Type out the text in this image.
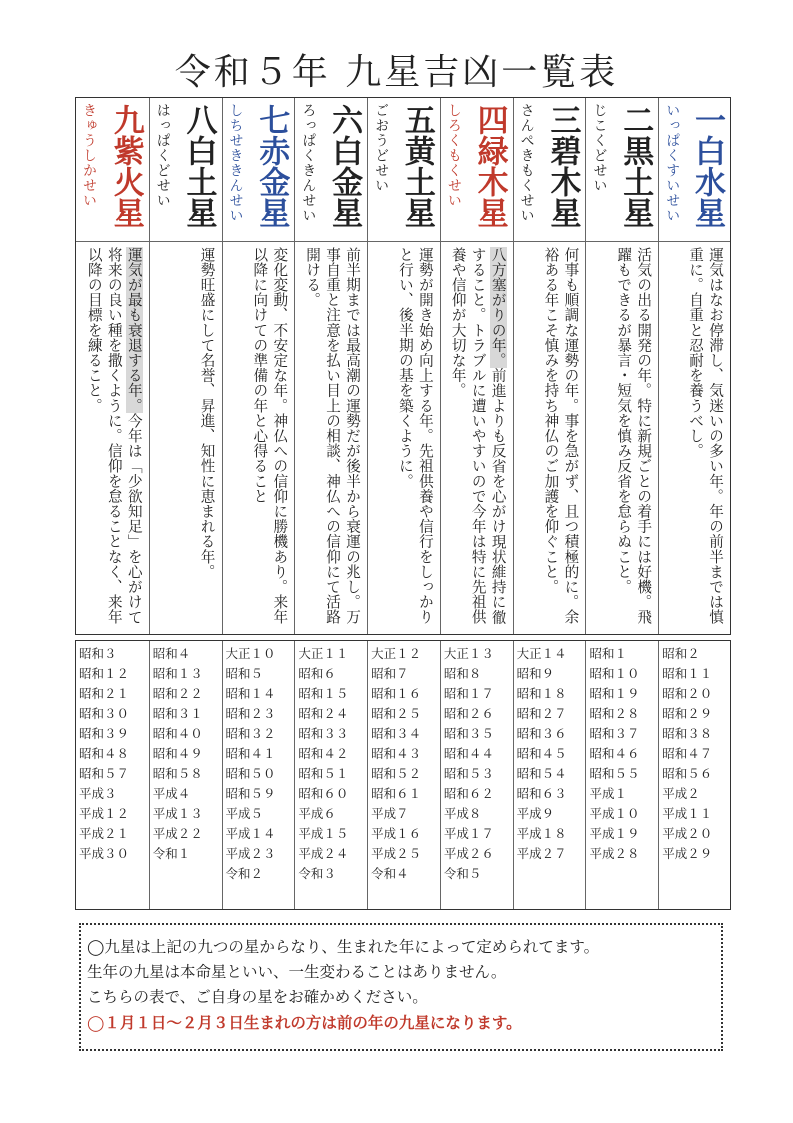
令和５年 九星吉凶一覧表
一白水星
いっぱくすいせい
運気はなお停滞し、気迷いの多い年。年の前半までは慎重に。自重と忍耐を養うべし。
二黒土星
じこくどせい
活気の出る開発の年。特に新規ごとの着手には好機。飛躍もできるが暴言・短気を慎み反省を怠らぬこと。
三碧木星
さんぺきもくせい
何事も順調な運勢の年。事を急がず、且つ積極的に。余裕ある年こそ慎みを持ち神仏のご加護を仰ぐこと。
四緑木星
しろくもくせい
八方塞がりの年。前進よりも反省を心がけ現状維持に徹すること。トラブルに遭いやすいので今年は特に先祖供養や信仰が大切な年。
五黄土星
ごおうどせい
運勢が開き始め向上する年。先祖供養や信行をしっかりと行い、後半期の基を築くように。
六白金星
ろっぱくきんせい
前半期までは最高潮の運勢だが後半から衰運の兆し。万事自重と注意を払い目上の相談、神仏への信仰にて活路開ける。
七赤金星
しちせききんせい
変化変動、不安定な年。神仏への信仰に勝機あり。来年以降に向けての準備の年と心得ること
八白土星
はっぱくどせい
運勢旺盛にして名誉、昇進、知性に恵まれる年。
九紫火星
きゅうしかせい
運気が最も衰退する年。今年は「少欲知足」を心がけて将来の良い種を撒くように。信仰を怠ることなく、来年以降の目標を練ること。
昭和２
昭和１１
昭和２０
昭和２９
昭和３８
昭和４７
昭和５６
平成２
平成１１
平成２０
平成２９
昭和１
昭和１０
昭和１９
昭和２８
昭和３７
昭和４６
昭和５５
平成１
平成１０
平成１９
平成２８
大正１４
昭和９
昭和１８
昭和２７
昭和３６
昭和４５
昭和５４
昭和６３
平成９
平成１８
平成２７
大正１３
昭和８
昭和１７
昭和２６
昭和３５
昭和４４
昭和５３
昭和６２
平成８
平成１７
平成２６
令和５
大正１２
昭和７
昭和１６
昭和２５
昭和３４
昭和４３
昭和５２
昭和６１
平成７
平成１６
平成２５
令和４
大正１１
昭和６
昭和１５
昭和２４
昭和３３
昭和４２
昭和５１
昭和６０
平成６
平成１５
平成２４
令和３
大正１０
昭和５
昭和１４
昭和２３
昭和３２
昭和４１
昭和５０
昭和５９
平成５
平成１４
平成２３
令和２
昭和４
昭和１３
昭和２２
昭和３１
昭和４０
昭和４９
昭和５８
平成４
平成１３
平成２２
令和１
昭和３
昭和１２
昭和２１
昭和３０
昭和３９
昭和４８
昭和５７
平成３
平成１２
平成２１
平成３０
◯九星は上記の九つの星からなり、生まれた年によって定められてます。
生年の九星は本命星といい、一生変わることはありません。
こちらの表で、ご自身の星をお確かめください。
◯１月１日～２月３日生まれの方は前の年の九星になります。
